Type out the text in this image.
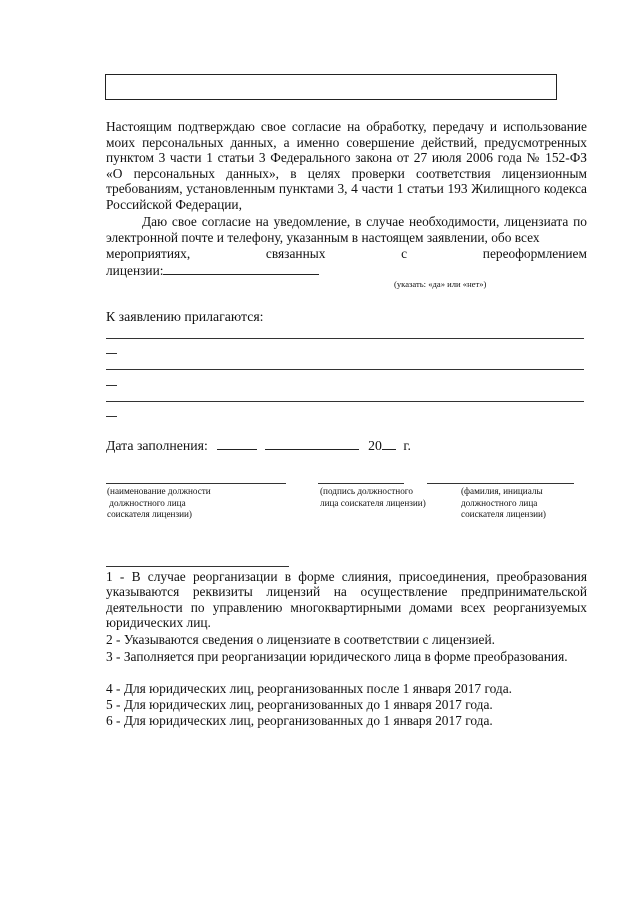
Настоящим подтверждаю свое согласие на обработку, передачу и использование моих персональных данных, а именно совершение действий, предусмотренных пунктом 3 части 1 статьи 3 Федерального закона от 27 июля 2006 года № 152-ФЗ «О персональных данных», в целях проверки соответствия лицензионным требованиям, установленным пунктами 3, 4 части 1 статьи 193 Жилищного кодекса Российской Федерации,

Даю свое согласие на уведомление, в случае необходимости, лицензиата по электронной почте и телефону, указанным в настоящем заявлении, обо всех

мероприятиях,	связанных	с	переоформлением
лицензии:
(указать: «да» или «нет»)
К заявлению прилагаются:
Дата заполнения:	20 г.

(наименование должности
должностного лица
соискателя лицензии)

(подпись должностного
лица соискателя лицензии)

(фамилия, инициалы
должностного лица
соискателя лицензии)

1 - В случае реорганизации в форме слияния, присоединения, преобразования указываются реквизиты лицензий на осуществление предпринимательской деятельности по управлению многоквартирными домами всех реорганизуемых юридических лиц.

2 - Указываются сведения о лицензиате в соответствии с лицензией.

3 - Заполняется при реорганизации юридического лица в форме преобразования.

4 - Для юридических лиц, реорганизованных после 1 января 2017 года.

5 - Для юридических лиц, реорганизованных до 1 января 2017 года.

6 - Для юридических лиц, реорганизованных до 1 января 2017 года.
